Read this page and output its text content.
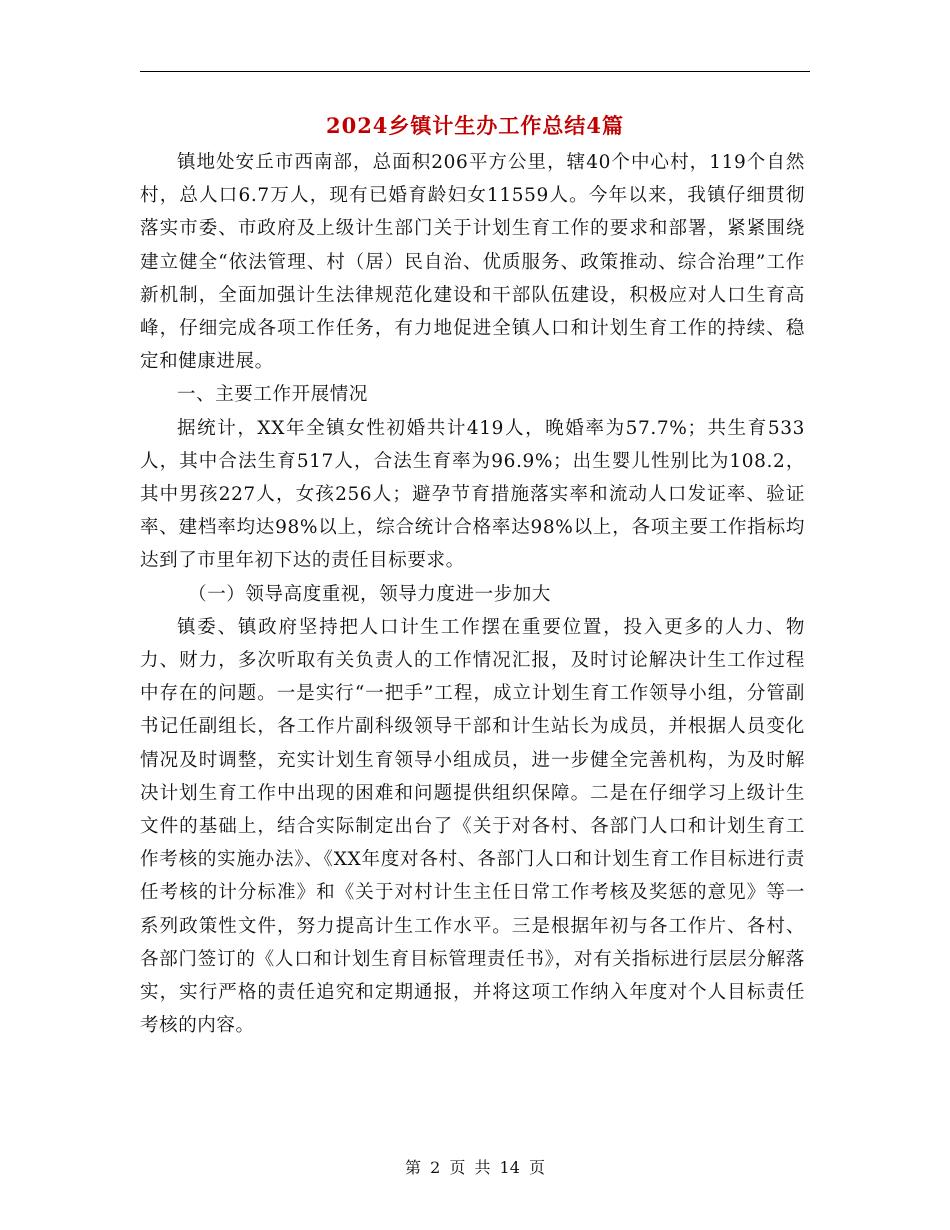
2024乡镇计生办工作总结4篇

镇地处安丘市西南部，总面积206平方公里，辖40个中心村，119个自然村，总人口6.7万人，现有已婚育龄妇女11559人。今年以来，我镇仔细贯彻落实市委、市政府及上级计生部门关于计划生育工作的要求和部署，紧紧围绕建立健全“依法管理、村（居）民自治、优质服务、政策推动、综合治理”工作新机制，全面加强计生法律规范化建设和干部队伍建设，积极应对人口生育高峰，仔细完成各项工作任务，有力地促进全镇人口和计划生育工作的持续、稳定和健康进展。

一、主要工作开展情况

据统计，XX年全镇女性初婚共计419人，晚婚率为57.7%；共生育533人，其中合法生育517人，合法生育率为96.9%；出生婴儿性别比为108.2，其中男孩227人，女孩256人；避孕节育措施落实率和流动人口发证率、验证率、建档率均达98%以上，综合统计合格率达98%以上，各项主要工作指标均达到了市里年初下达的责任目标要求。

（一）领导高度重视，领导力度进一步加大

镇委、镇政府坚持把人口计生工作摆在重要位置，投入更多的人力、物力、财力，多次听取有关负责人的工作情况汇报，及时讨论解决计生工作过程中存在的问题。一是实行“一把手”工程，成立计划生育工作领导小组，分管副书记任副组长，各工作片副科级领导干部和计生站长为成员，并根据人员变化情况及时调整，充实计划生育领导小组成员，进一步健全完善机构，为及时解决计划生育工作中出现的困难和问题提供组织保障。二是在仔细学习上级计生文件的基础上，结合实际制定出台了《关于对各村、各部门人口和计划生育工作考核的实施办法》、《XX年度对各村、各部门人口和计划生育工作目标进行责任考核的计分标准》和《关于对村计生主任日常工作考核及奖惩的意见》等一系列政策性文件，努力提高计生工作水平。三是根据年初与各工作片、各村、各部门签订的《人口和计划生育目标管理责任书》，对有关指标进行层层分解落实，实行严格的责任追究和定期通报，并将这项工作纳入年度对个人目标责任考核的内容。

第 2 页 共 14 页
